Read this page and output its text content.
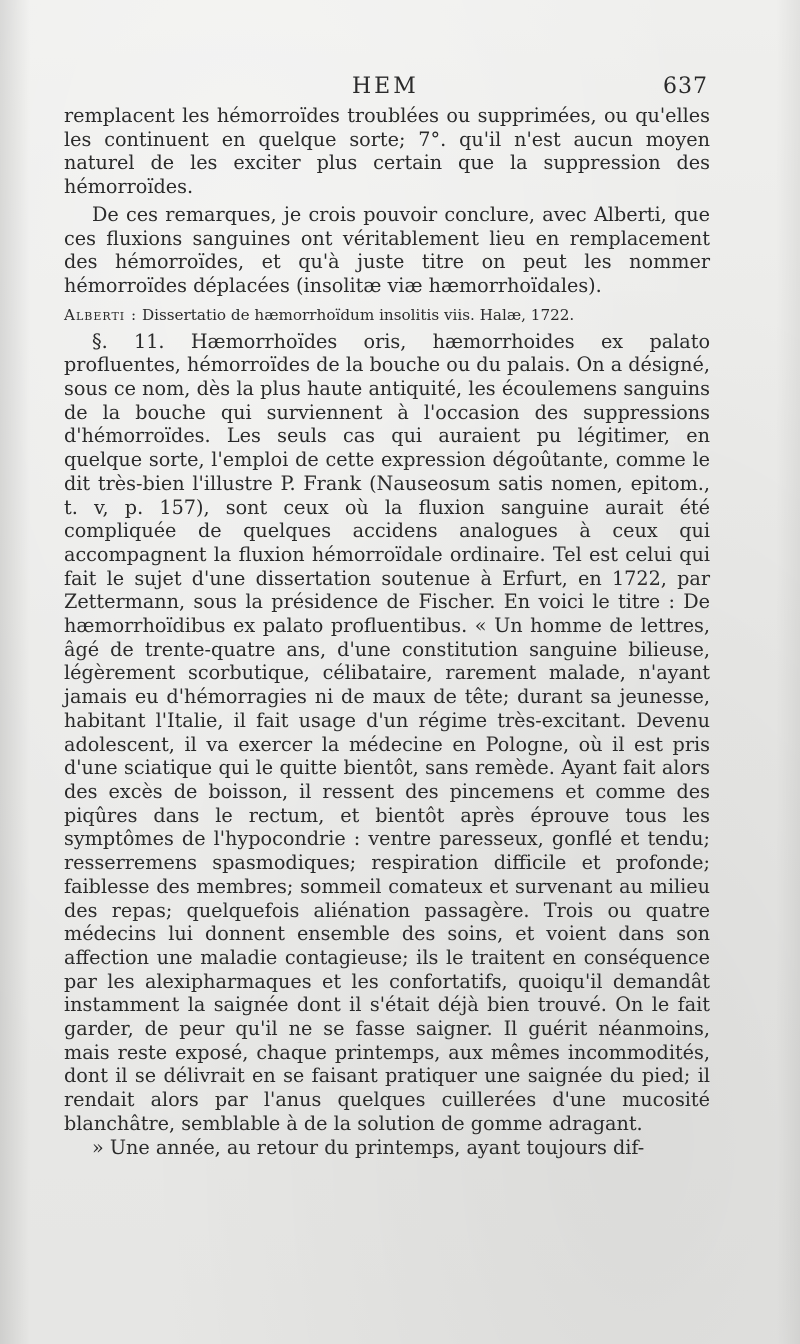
HEM	637

remplacent les hémorroïdes troublées ou supprimées, ou qu'elles les continuent en quelque sorte; 7°. qu'il n'est aucun moyen naturel de les exciter plus certain que la suppression des hémorroïdes.

De ces remarques, je crois pouvoir conclure, avec Alberti, que ces fluxions sanguines ont véritablement lieu en remplacement des hémorroïdes, et qu'à juste titre on peut les nommer hémorroïdes déplacées (insolitæ viæ hæmorrhoïdales).

Alberti : Dissertatio de hæmorrhoïdum insolitis viis. Halæ, 1722.

§. 11. Hæmorrhoïdes oris, hæmorrhoides ex palato profluentes, hémorroïdes de la bouche ou du palais. On a désigné, sous ce nom, dès la plus haute antiquité, les écoulemens sanguins de la bouche qui surviennent à l'occasion des suppressions d'hémorroïdes. Les seuls cas qui auraient pu légitimer, en quelque sorte, l'emploi de cette expression dégoûtante, comme le dit très-bien l'illustre P. Frank (Nauseosum satis nomen, epitom., t. v, p. 157), sont ceux où la fluxion sanguine aurait été compliquée de quelques accidens analogues à ceux qui accompagnent la fluxion hémorroïdale ordinaire. Tel est celui qui fait le sujet d'une dissertation soutenue à Erfurt, en 1722, par Zettermann, sous la présidence de Fischer. En voici le titre : De hæmorrhoïdibus ex palato profluentibus. « Un homme de lettres, âgé de trente-quatre ans, d'une constitution sanguine bilieuse, légèrement scorbutique, célibataire, rarement malade, n'ayant jamais eu d'hémorragies ni de maux de tête; durant sa jeunesse, habitant l'Italie, il fait usage d'un régime très-excitant. Devenu adolescent, il va exercer la médecine en Pologne, où il est pris d'une sciatique qui le quitte bientôt, sans remède. Ayant fait alors des excès de boisson, il ressent des pincemens et comme des piqûres dans le rectum, et bientôt après éprouve tous les symptômes de l'hypocondrie : ventre paresseux, gonflé et tendu; resserremens spasmodiques; respiration difficile et profonde; faiblesse des membres; sommeil comateux et survenant au milieu des repas; quelquefois aliénation passagère. Trois ou quatre médecins lui donnent ensemble des soins, et voient dans son affection une maladie contagieuse; ils le traitent en conséquence par les alexipharmaques et les confortatifs, quoiqu'il demandât instamment la saignée dont il s'était déjà bien trouvé. On le fait garder, de peur qu'il ne se fasse saigner. Il guérit néanmoins, mais reste exposé, chaque printemps, aux mêmes incommodités, dont il se délivrait en se faisant pratiquer une saignée du pied; il rendait alors par l'anus quelques cuillerées d'une mucosité blanchâtre, semblable à de la solution de gomme adragant.

» Une année, au retour du printemps, ayant toujours dif-
